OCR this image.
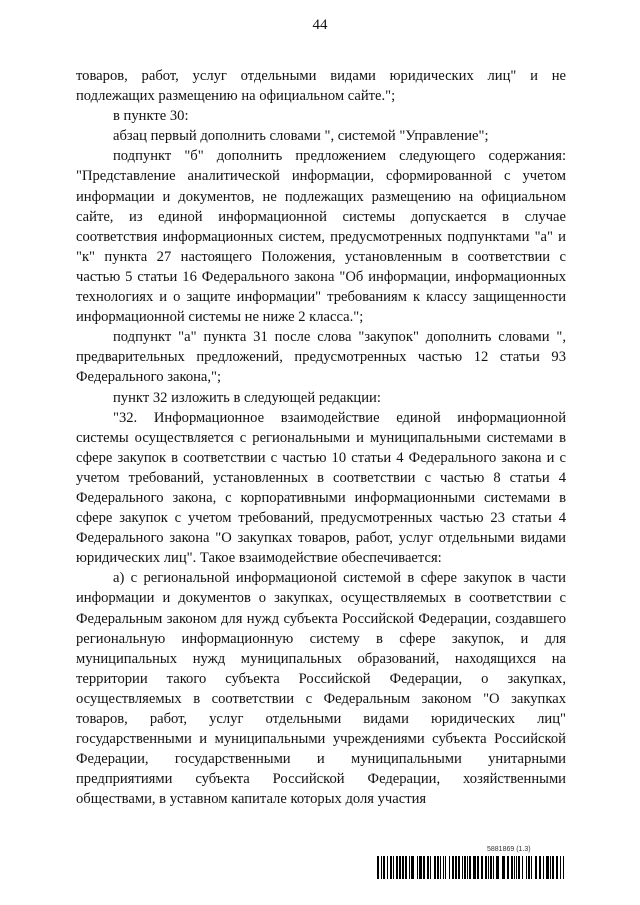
44

товаров, работ, услуг отдельными видами юридических лиц" и не подлежащих размещению на официальном сайте.";

в пункте 30:

абзац первый дополнить словами ", системой "Управление";

подпункт "б" дополнить предложением следующего содержания: "Представление аналитической информации, сформированной с учетом информации и документов, не подлежащих размещению на официальном сайте, из единой информационной системы допускается в случае соответствия информационных систем, предусмотренных подпунктами "а" и "к" пункта 27 настоящего Положения, установленным в соответствии с частью 5 статьи 16 Федерального закона "Об информации, информационных технологиях и о защите информации" требованиям к классу защищенности информационной системы не ниже 2 класса.";

подпункт "а" пункта 31 после слова "закупок" дополнить словами ", предварительных предложений, предусмотренных частью 12 статьи 93 Федерального закона,";

пункт 32 изложить в следующей редакции:

"32. Информационное взаимодействие единой информационной системы осуществляется с региональными и муниципальными системами в сфере закупок в соответствии с частью 10 статьи 4 Федерального закона и с учетом требований, установленных в соответствии с частью 8 статьи 4 Федерального закона, с корпоративными информационными системами в сфере закупок с учетом требований, предусмотренных частью 23 статьи 4 Федерального закона "О закупках товаров, работ, услуг отдельными видами юридических лиц". Такое взаимодействие обеспечивается:

а) с региональной информационой системой в сфере закупок в части информации и документов о закупках, осуществляемых в соответствии с Федеральным законом для нужд субъекта Российской Федерации, создавшего региональную информационную систему в сфере закупок, и для муниципальных нужд муниципальных образований, находящихся на территории такого субъекта Российской Федерации, о закупках, осуществляемых в соответствии с Федеральным законом "О закупках товаров, работ, услуг отдельными видами юридических лиц" государственными и муниципальными учреждениями субъекта Российской Федерации, государственными и муниципальными унитарными предприятиями субъекта Российской Федерации, хозяйственными обществами, в уставном капитале которых доля участия

5881869 (1.3)
